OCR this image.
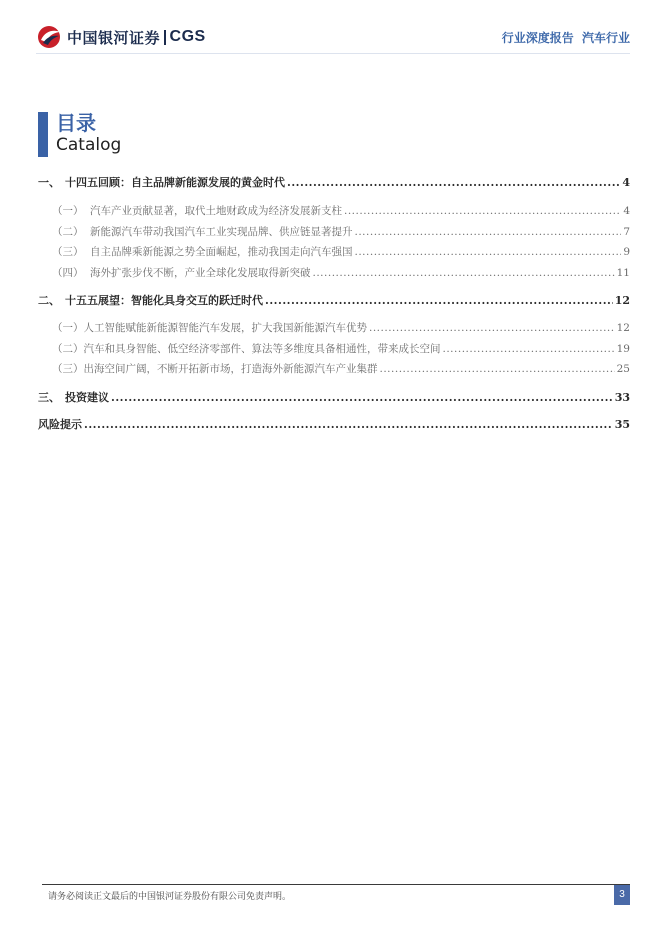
中国银河证券 CGS	行业深度报告 汽车行业
目录
Catalog
一、 十四五回顾：自主品牌新能源发展的黄金时代 .....	4
（一） 汽车产业贡献显著，取代土地财政成为经济发展新支柱 .....	4
（二） 新能源汽车带动我国汽车工业实现品牌、供应链显著提升 .....	7
（三） 自主品牌乘新能源之势全面崛起，推动我国走向汽车强国 .....	9
（四） 海外扩张步伐不断，产业全球化发展取得新突破 .....	11
二、 十五五展望：智能化具身交互的跃迁时代 .....	12
（一）人工智能赋能新能源智能汽车发展，扩大我国新能源汽车优势 .....	12
（二）汽车和具身智能、低空经济零部件、算法等多维度具备相通性，带来成长空间 .....	19
（三）出海空间广阔，不断开拓新市场，打造海外新能源汽车产业集群 .....	25
三、 投资建议 .....	33
风险提示 .....	35
请务必阅读正文最后的中国银河证券股份有限公司免责声明。	3
